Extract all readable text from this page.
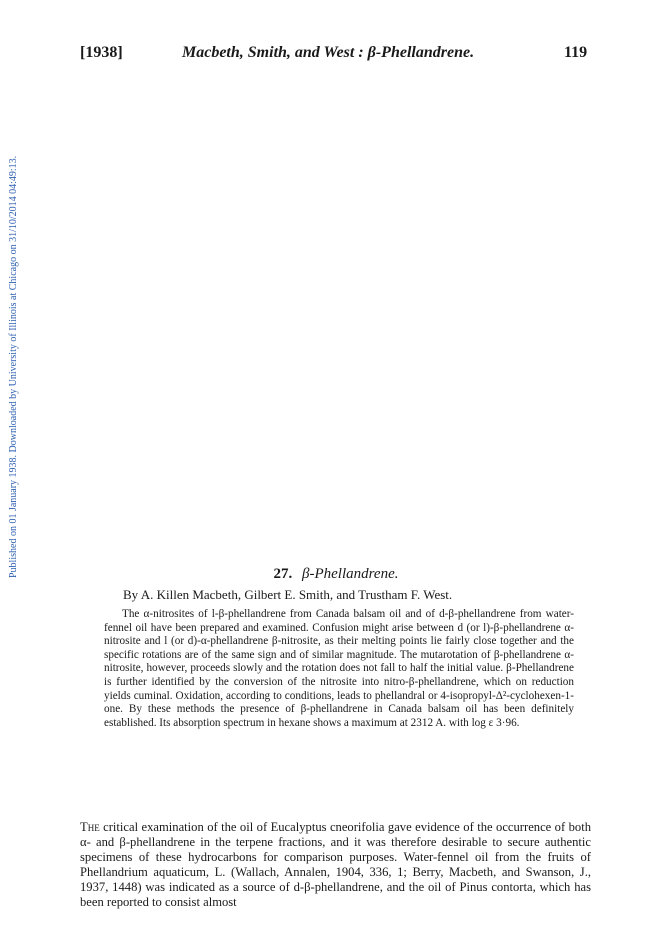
[1938]	Macbeth, Smith, and West : β-Phellandrene.	119
Published on 01 January 1938. Downloaded by University of Illinois at Chicago on 31/10/2014 04:49:13.	27. β-Phellandrene.
By A. Killen Macbeth, Gilbert E. Smith, and Trustham F. West.

The α-nitrosites of l-β-phellandrene from Canada balsam oil and of d-β-phellandrene from water-fennel oil have been prepared and examined. Confusion might arise between d (or l)-β-phellandrene α-nitrosite and l (or d)-α-phellandrene β-nitrosite, as their melting points lie fairly close together and the specific rotations are of the same sign and of similar magnitude. The mutarotation of β-phellandrene α-nitrosite, however, proceeds slowly and the rotation does not fall to half the initial value. β-Phellandrene is further identified by the conversion of the nitrosite into nitro-β-phellandrene, which on reduction yields cuminal. Oxidation, according to conditions, leads to phellandral or 4-isopropyl-Δ²-cyclohexen-1-one. By these methods the presence of β-phellandrene in Canada balsam oil has been definitely established. Its absorption spectrum in hexane shows a maximum at 2312 A. with log ε 3·96.

The critical examination of the oil of Eucalyptus cneorifolia gave evidence of the occurrence of both α- and β-phellandrene in the terpene fractions, and it was therefore desirable to secure authentic specimens of these hydrocarbons for comparison purposes. Water-fennel oil from the fruits of Phellandrium aquaticum, L. (Wallach, Annalen, 1904, 336, 1; Berry, Macbeth, and Swanson, J., 1937, 1448) was indicated as a source of d-β-phellandrene, and the oil of Pinus contorta, which has been reported to consist almost
